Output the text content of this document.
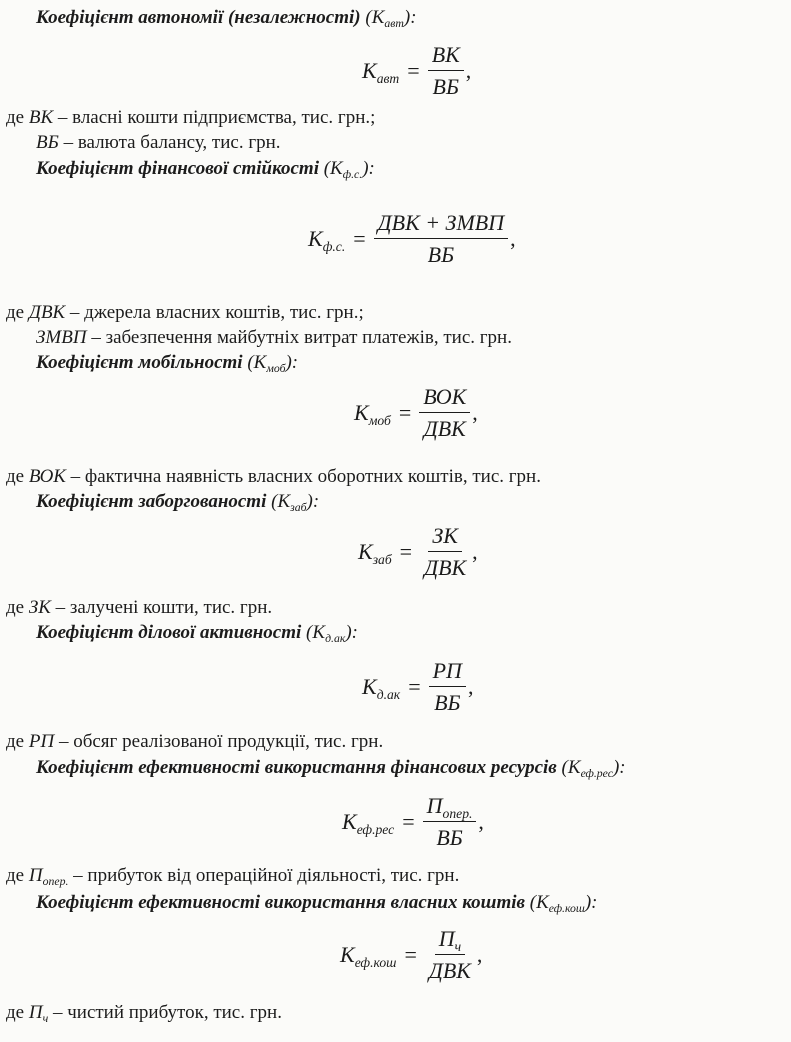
Коефіцієнт автономії (незалежності) $(K_{авт})$:
$K_{авт} = \frac{ВК}{ВБ}$ ,
де ВК – власні кошти підприємства, тис. грн.;
ВБ – валюта балансу, тис. грн.
Коефіцієнт фінансової стійкості $(K_{ф.с.})$:
$K_{ф.с.} = \frac{\text{ДВК + ЗМВП}}{ВБ}$ ,
де ДВК – джерела власних коштів, тис. грн.;
ЗМВП – забезпечення майбутніх витрат платежів, тис. грн.
Коефіцієнт мобільності $(K_{моб})$:
$K_{моб} = \frac{\text{ВОК}}{\text{ДВК}}$ ,
де ВОК – фактична наявність власних оборотних коштів, тис. грн.
Коефіцієнт заборгованості $(K_{заб})$:
$K_{заб} = \frac{ЗК}{\text{ДВК}}$ ,
де ЗК – залучені кошти, тис. грн.
Коефіцієнт ділової активності $(K_{д.ак})$:
$K_{д.ак} = \frac{РП}{ВБ}$ ,
де РП – обсяг реалізованої продукції, тис. грн.
Коефіцієнт ефективності використання фінансових ресурсів $(K_{еф.рес})$:
$K_{еф.рес} = \frac{П_{опер.}}{ВБ}$ ,
де $П_{опер.}$ – прибуток від операційної діяльності, тис. грн.
Коефіцієнт ефективності використання власних коштів $(K_{еф.кош})$:
$K_{еф.кош} = \frac{П_ч}{\text{ДВК}}$ ,
де $П_ч$ – чистий прибуток, тис. грн.
